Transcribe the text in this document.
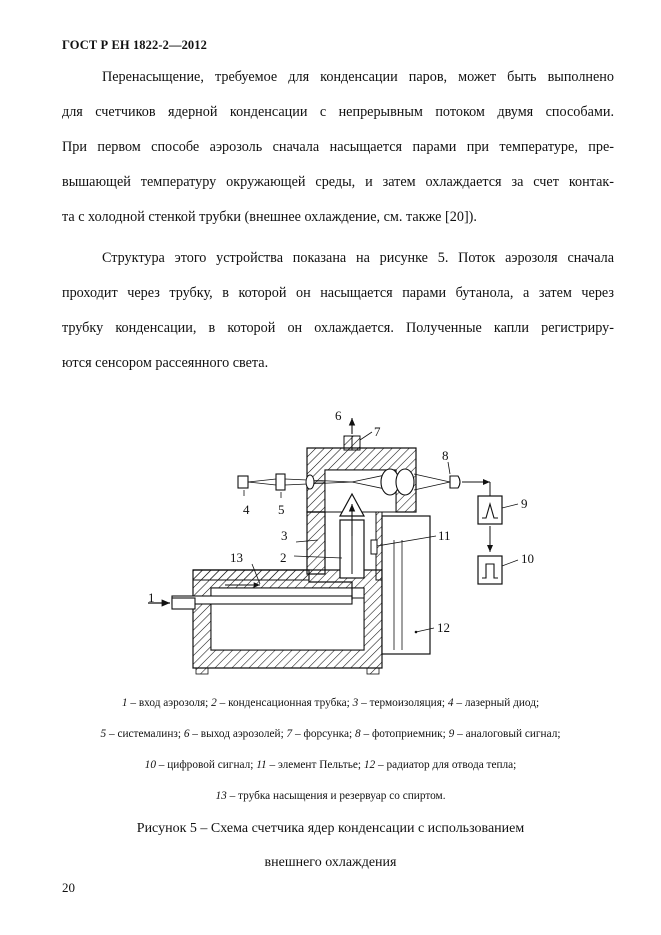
ГОСТ Р ЕН 1822-2—2012
Перенасыщение, требуемое для конденсации паров, может быть выполнено
для счетчиков ядерной конденсации с непрерывным потоком двумя способами.
При первом способе аэрозоль сначала насыщается парами при температуре, пре-
вышающей температуру окружающей среды, и затем охлаждается за счет контак-
та с холодной стенкой трубки (внешнее охлаждение, см. также [20]).
Структура этого устройства показана на рисунке 5. Поток аэрозоля сначала
проходит через трубку, в которой он насыщается парами бутанола, а затем через
трубку конденсации, в которой он охлаждается. Полученные капли регистриру-
ются сенсором рассеянного света.
1
2
3
4 5
6
7
8
9
10
11
12
13
1 – вход аэрозоля; 2 – конденсационная трубка; 3 – термоизоляция; 4 – лазерный диод;
5 – системалинз; 6 – выход аэрозолей; 7 – форсунка; 8 – фотоприемник; 9 – аналоговый сигнал;
10 – цифровой сигнал; 11 – элемент Пельтье; 12 – радиатор для отвода тепла;
13 – трубка насыщения и резервуар со спиртом.
Рисунок 5 – Схема счетчика ядер конденсации с использованием
внешнего охлаждения
20
